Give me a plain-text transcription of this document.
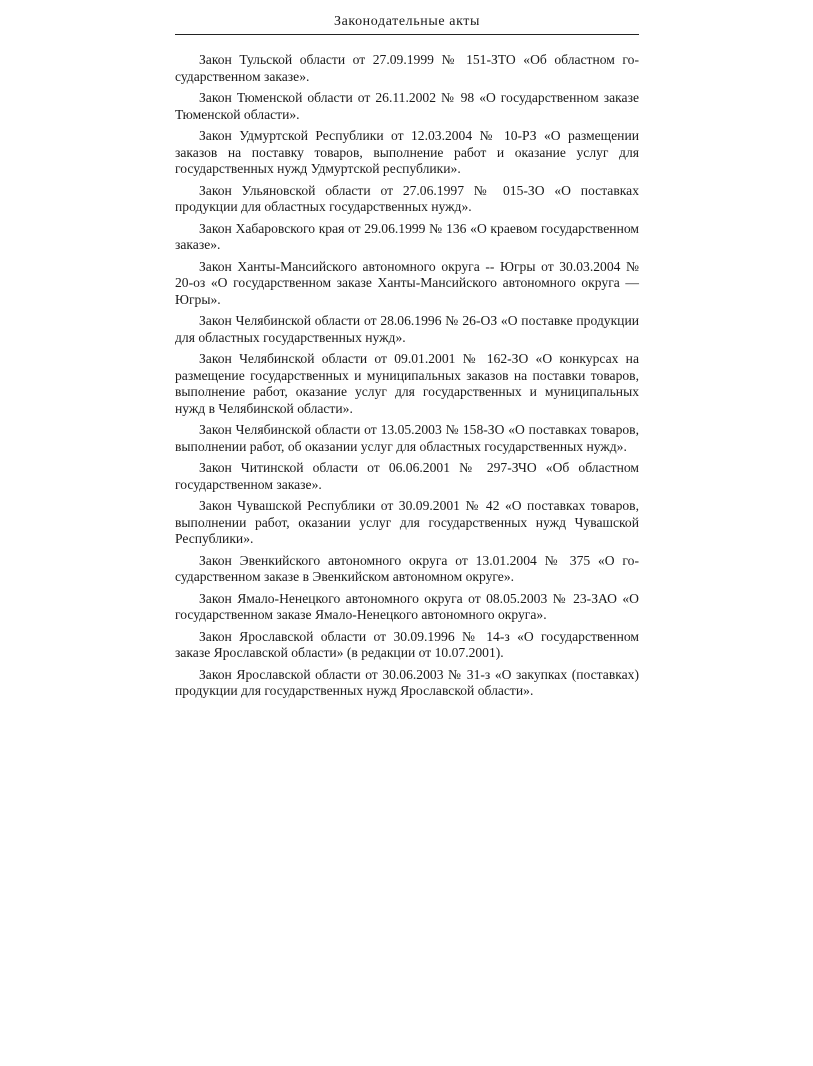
Законодательные акты

Закон Тульской области от 27.09.1999 № 151-ЗТО «Об областном государственном заказе».

Закон Тюменской области от 26.11.2002 № 98 «О государственном заказе Тюменской области».

Закон Удмуртской Республики от 12.03.2004 № 10-РЗ «О размещении заказов на поставку товаров, выполнение работ и оказание услуг для государственных нужд Удмуртской республики».

Закон Ульяновской области от 27.06.1997 № 015-ЗО «О поставках продукции для областных государственных нужд».

Закон Хабаровского края от 29.06.1999 № 136 «О краевом государственном заказе».

Закон Ханты-Мансийского автономного округа -- Югры от 30.03.2004 № 20-оз «О государственном заказе Ханты-Мансийского автономного округа — Югры».

Закон Челябинской области от 28.06.1996 № 26-ОЗ «О поставке продукции для областных государственных нужд».

Закон Челябинской области от 09.01.2001 № 162-ЗО «О конкурсах на размещение государственных и муниципальных заказов на поставки товаров, выполнение работ, оказание услуг для государственных и муниципальных нужд в Челябинской области».

Закон Челябинской области от 13.05.2003 № 158-ЗО «О поставках товаров, выполнении работ, об оказании услуг для областных государственных нужд».

Закон Читинской области от 06.06.2001 № 297-ЗЧО «Об областном государственном заказе».

Закон Чувашской Республики от 30.09.2001 № 42 «О поставках товаров, выполнении работ, оказании услуг для государственных нужд Чувашской Республики».

Закон Эвенкийского автономного округа от 13.01.2004 № 375 «О государственном заказе в Эвенкийском автономном округе».

Закон Ямало-Ненецкого автономного округа от 08.05.2003 № 23-ЗАО «О государственном заказе Ямало-Ненецкого автономного округа».

Закон Ярославской области от 30.09.1996 № 14-з «О государственном заказе Ярославской области» (в редакции от 10.07.2001).

Закон Ярославской области от 30.06.2003 № 31-з «О закупках (поставках) продукции для государственных нужд Ярославской области».
